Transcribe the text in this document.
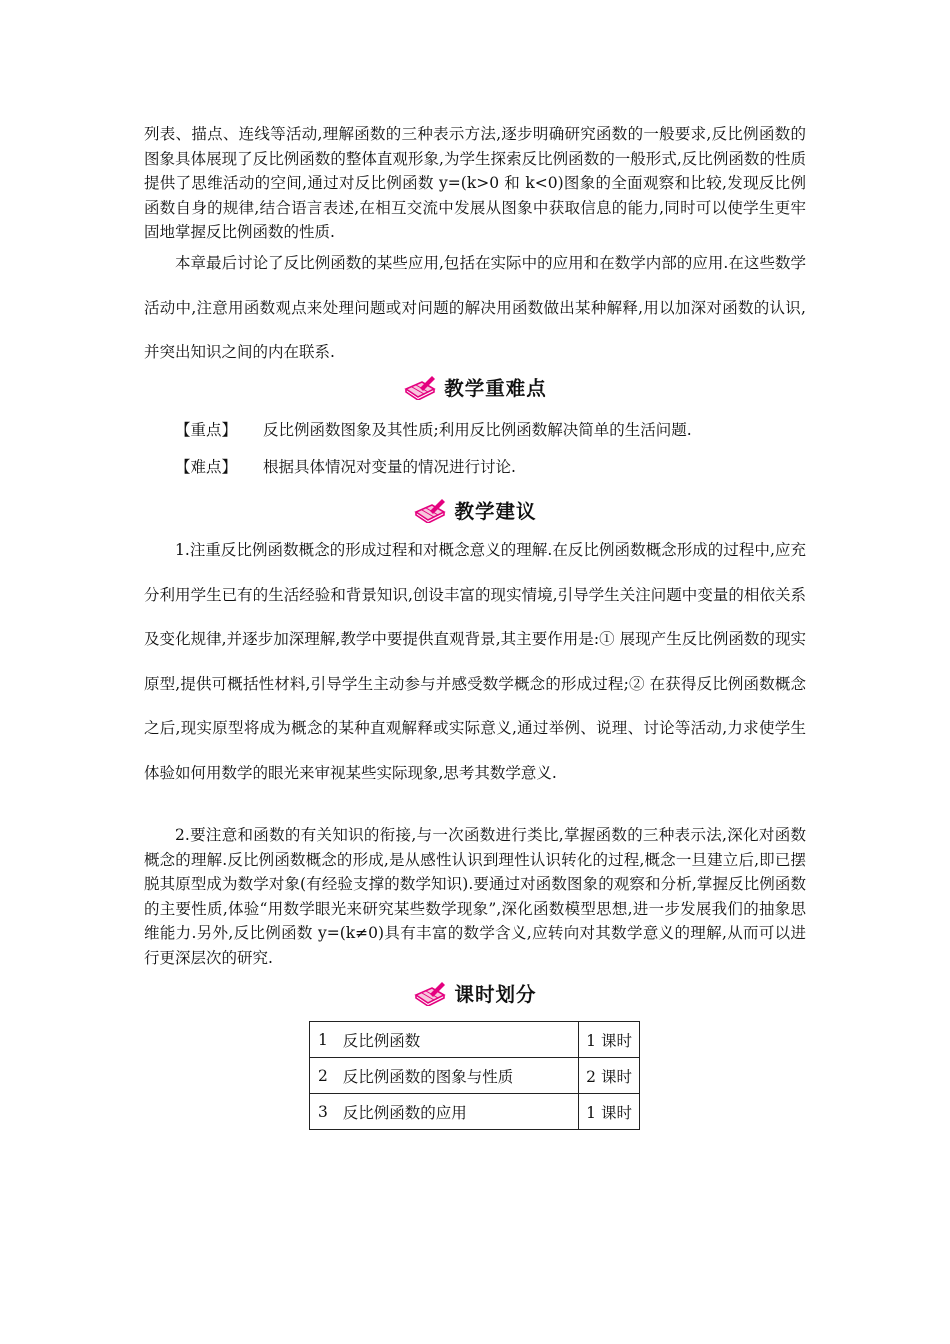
列表、描点、连线等活动,理解函数的三种表示方法,逐步明确研究函数的一般要求,反比例函数的图象具体展现了反比例函数的整体直观形象,为学生探索反比例函数的一般形式,反比例函数的性质提供了思维活动的空间,通过对反比例函数 y=(k>0 和 k<0)图象的全面观察和比较,发现反比例函数自身的规律,结合语言表述,在相互交流中发展从图象中获取信息的能力,同时可以使学生更牢固地掌握反比例函数的性质.

本章最后讨论了反比例函数的某些应用,包括在实际中的应用和在数学内部的应用.在这些数学活动中,注意用函数观点来处理问题或对问题的解决用函数做出某种解释,用以加深对函数的认识,并突出知识之间的内在联系.

教学重难点
【重点】	反比例函数图象及其性质;利用反比例函数解决简单的生活问题.
【难点】	根据具体情况对变量的情况进行讨论.
教学建议

1.注重反比例函数概念的形成过程和对概念意义的理解.在反比例函数概念形成的过程中,应充分利用学生已有的生活经验和背景知识,创设丰富的现实情境,引导学生关注问题中变量的相依关系及变化规律,并逐步加深理解,教学中要提供直观背景,其主要作用是:① 展现产生反比例函数的现实原型,提供可概括性材料,引导学生主动参与并感受数学概念的形成过程;② 在获得反比例函数概念之后,现实原型将成为概念的某种直观解释或实际意义,通过举例、说理、讨论等活动,力求使学生体验如何用数学的眼光来审视某些实际现象,思考其数学意义.

2.要注意和函数的有关知识的衔接,与一次函数进行类比,掌握函数的三种表示法,深化对函数概念的理解.反比例函数概念的形成,是从感性认识到理性认识转化的过程,概念一旦建立后,即已摆脱其原型成为数学对象(有经验支撑的数学知识).要通过对函数图象的观察和分析,掌握反比例函数的主要性质,体验“用数学眼光来研究某些数学现象”,深化函数模型思想,进一步发展我们的抽象思维能力.另外,反比例函数 y=(k≠0)具有丰富的数学含义,应转向对其数学意义的理解,从而可以进行更深层次的研究.

课时划分
1	反比例函数	1 课时
2	反比例函数的图象与性质	2 课时
3	反比例函数的应用	1 课时
